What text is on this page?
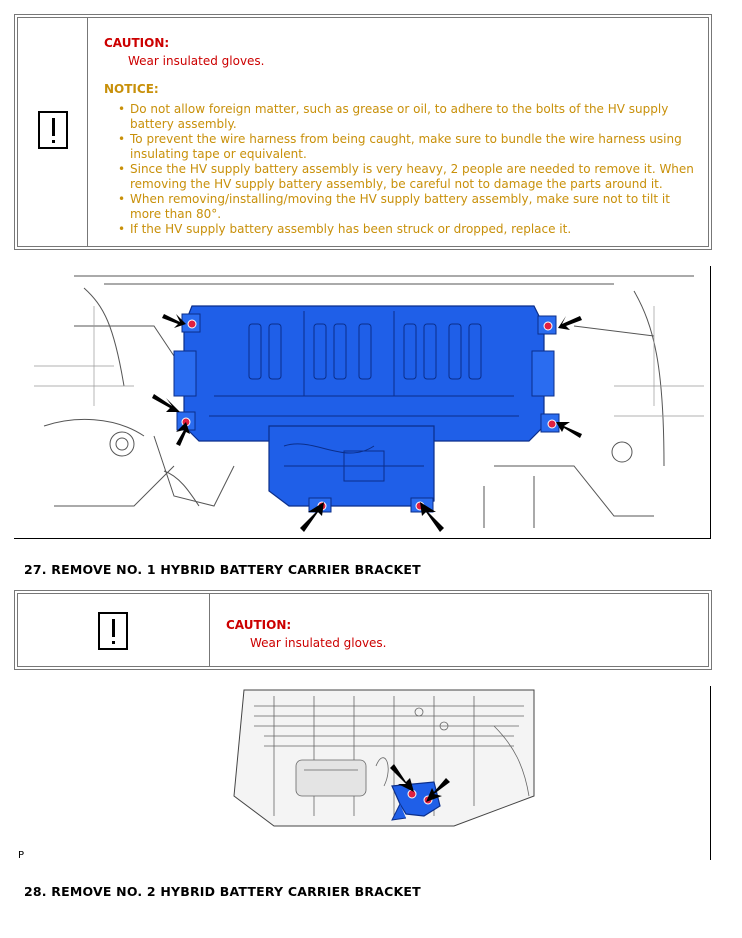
CAUTION:
Wear insulated gloves.
NOTICE:
• Do not allow foreign matter, such as grease or oil, to adhere to the bolts of the HV supply
battery assembly.
• To prevent the wire harness from being caught, make sure to bundle the wire harness using
insulating tape or equivalent.
• Since the HV supply battery assembly is very heavy, 2 people are needed to remove it. When
removing the HV supply battery assembly, be careful not to damage the parts around it.
• When removing/installing/moving the HV supply battery assembly, make sure not to tilt it
more than 80°.
• If the HV supply battery assembly has been struck or dropped, replace it.
27. REMOVE NO. 1 HYBRID BATTERY CARRIER BRACKET
CAUTION:
Wear insulated gloves.
P
28. REMOVE NO. 2 HYBRID BATTERY CARRIER BRACKET
